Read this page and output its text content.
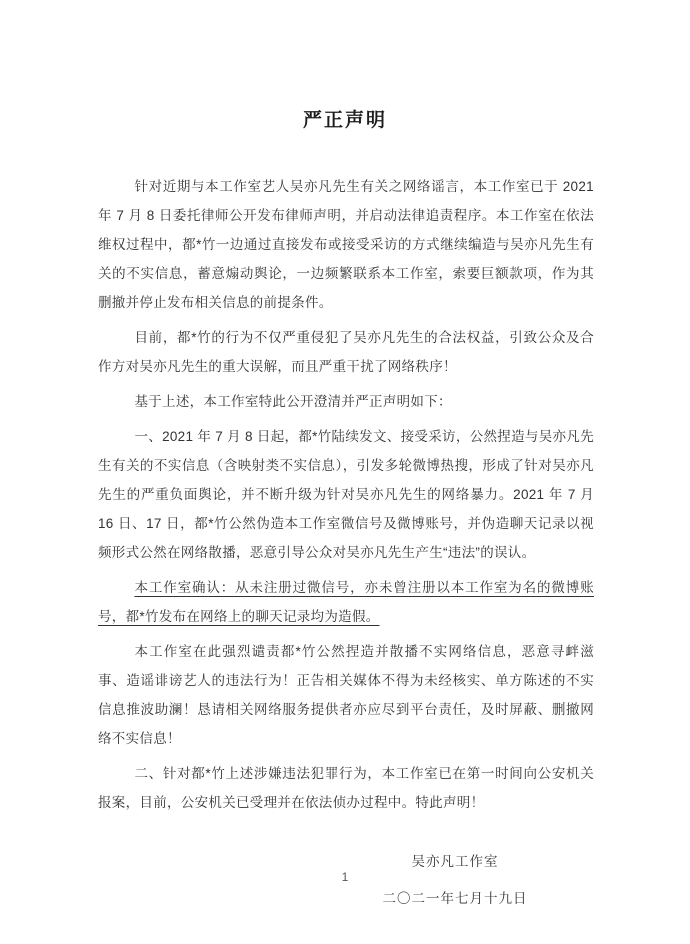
严正声明

针对近期与本工作室艺人吴亦凡先生有关之网络谣言，本工作室已于 2021 年 7 月 8 日委托律师公开发布律师声明，并启动法律追责程序。本工作室在依法维权过程中，都*竹一边通过直接发布或接受采访的方式继续编造与吴亦凡先生有关的不实信息，蓄意煽动舆论，一边频繁联系本工作室，索要巨额款项，作为其删撤并停止发布相关信息的前提条件。

目前，都*竹的行为不仅严重侵犯了吴亦凡先生的合法权益，引致公众及合作方对吴亦凡先生的重大误解，而且严重干扰了网络秩序！

基于上述，本工作室特此公开澄清并严正声明如下：

一、2021 年 7 月 8 日起，都*竹陆续发文、接受采访，公然捏造与吴亦凡先生有关的不实信息（含映射类不实信息），引发多轮微博热搜，形成了针对吴亦凡先生的严重负面舆论，并不断升级为针对吴亦凡先生的网络暴力。2021 年 7 月 16 日、17 日，都*竹公然伪造本工作室微信号及微博账号，并伪造聊天记录以视频形式公然在网络散播，恶意引导公众对吴亦凡先生产生“违法”的误认。

本工作室确认：从未注册过微信号，亦未曾注册以本工作室为名的微博账号，都*竹发布在网络上的聊天记录均为造假。

本工作室在此强烈谴责都*竹公然捏造并散播不实网络信息，恶意寻衅滋事、造谣诽谤艺人的违法行为！正告相关媒体不得为未经核实、单方陈述的不实信息推波助澜！恳请相关网络服务提供者亦应尽到平台责任，及时屏蔽、删撤网络不实信息！

二、针对都*竹上述涉嫌违法犯罪行为，本工作室已在第一时间向公安机关报案，目前，公安机关已受理并在依法侦办过程中。特此声明！

吴亦凡工作室
二〇二一年七月十九日
1
